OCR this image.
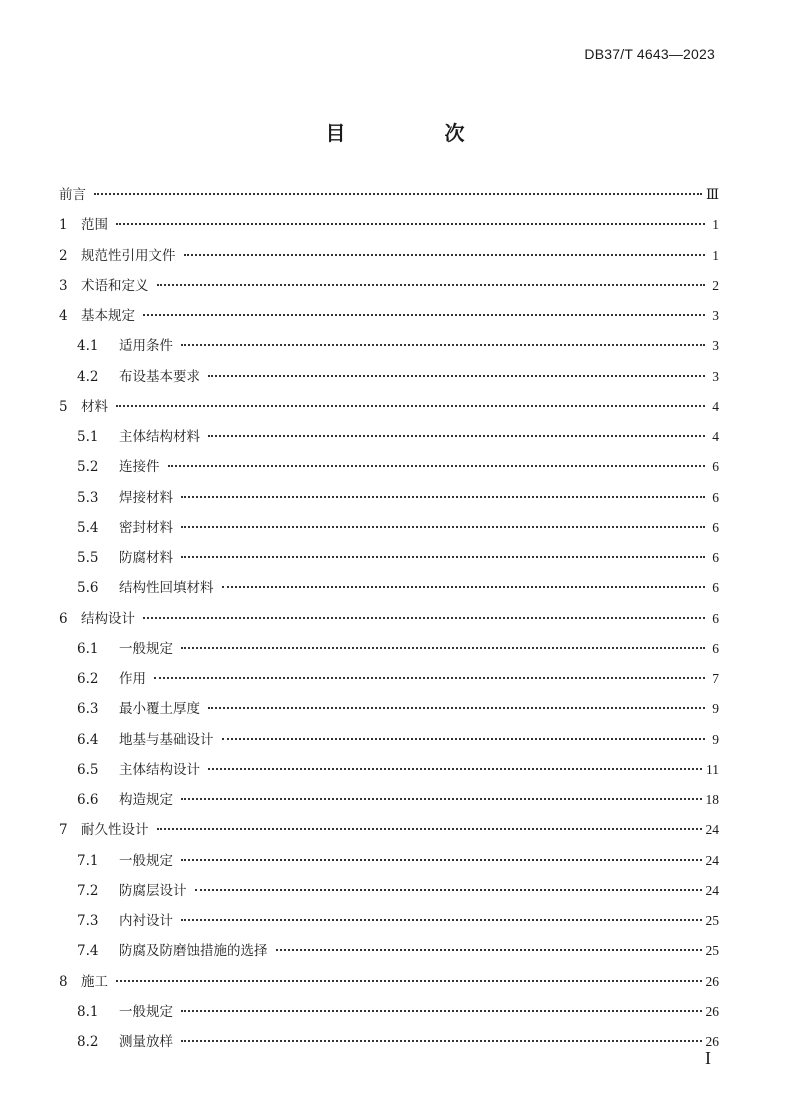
DB37/T 4643—2023
目 次
前言	Ⅲ
1 范围	1
2 规范性引用文件	1
3 术语和定义	2
4 基本规定	3
4.1	适用条件	3
4.2	布设基本要求	3
5 材料	4
5.1	主体结构材料	4
5.2	连接件	6
5.3	焊接材料	6
5.4	密封材料	6
5.5	防腐材料	6
5.6	结构性回填材料	6
6 结构设计	6
6.1	一般规定	6
6.2	作用	7
6.3	最小覆土厚度	9
6.4	地基与基础设计	9
6.5	主体结构设计	11
6.6	构造规定	18
7 耐久性设计	24
7.1	一般规定	24
7.2	防腐层设计	24
7.3	内衬设计	25
7.4	防腐及防磨蚀措施的选择	25
8 施工	26
8.1	一般规定	26
8.2	测量放样	26
I
